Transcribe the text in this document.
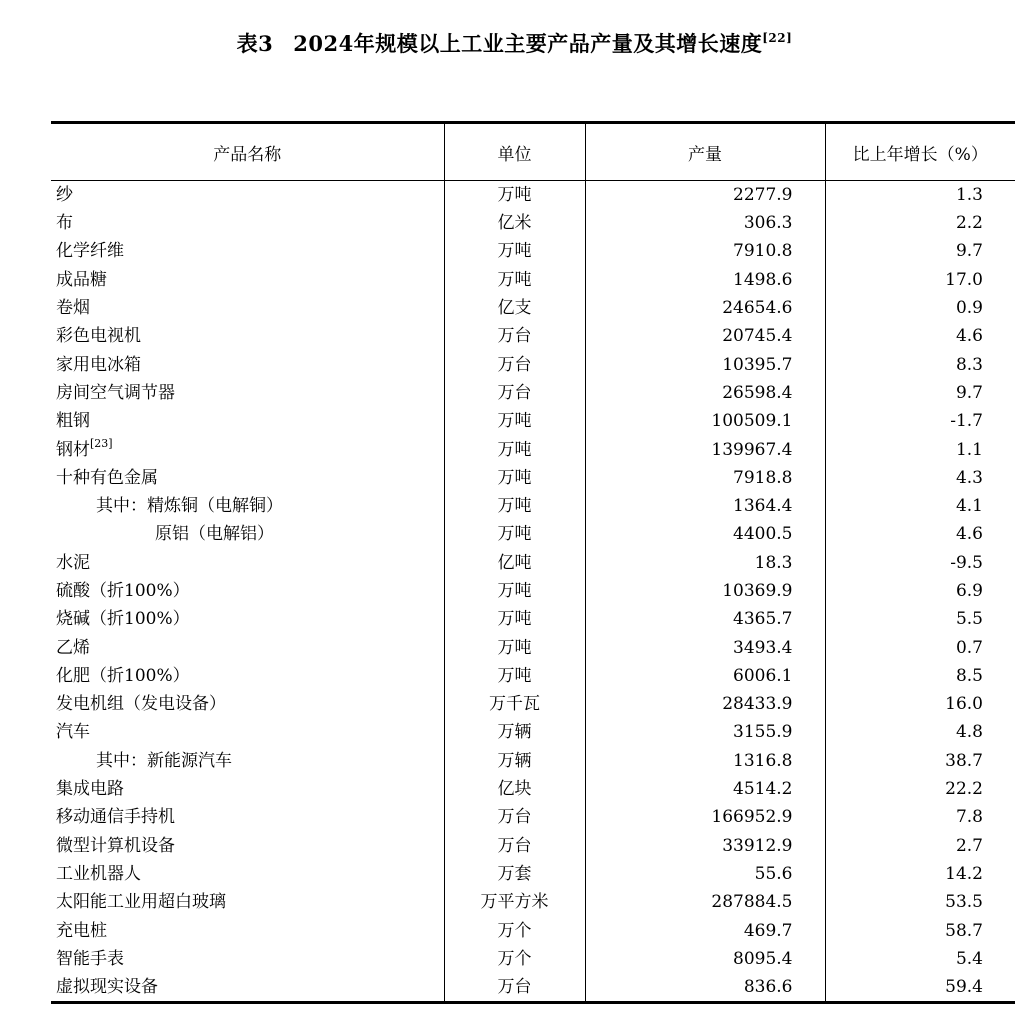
表3 2024年规模以上工业主要产品产量及其增长速度[22]
产品名称	单位	产量	比上年增长（%）
纱	万吨	2277.9	1.3
布	亿米	306.3	2.2
化学纤维	万吨	7910.8	9.7
成品糖	万吨	1498.6	17.0
卷烟	亿支	24654.6	0.9
彩色电视机	万台	20745.4	4.6
家用电冰箱	万台	10395.7	8.3
房间空气调节器	万台	26598.4	9.7
粗钢	万吨	100509.1	-1.7
钢材[23]	万吨	139967.4	1.1
十种有色金属	万吨	7918.8	4.3
其中：精炼铜（电解铜）	万吨	1364.4	4.1
原铝（电解铝）	万吨	4400.5	4.6
水泥	亿吨	18.3	-9.5
硫酸（折100%）	万吨	10369.9	6.9
烧碱（折100%）	万吨	4365.7	5.5
乙烯	万吨	3493.4	0.7
化肥（折100%）	万吨	6006.1	8.5
发电机组（发电设备）	万千瓦	28433.9	16.0
汽车	万辆	3155.9	4.8
其中：新能源汽车	万辆	1316.8	38.7
集成电路	亿块	4514.2	22.2
移动通信手持机	万台	166952.9	7.8
微型计算机设备	万台	33912.9	2.7
工业机器人	万套	55.6	14.2
太阳能工业用超白玻璃	万平方米	287884.5	53.5
充电桩	万个	469.7	58.7
智能手表	万个	8095.4	5.4
虚拟现实设备	万台	836.6	59.4
